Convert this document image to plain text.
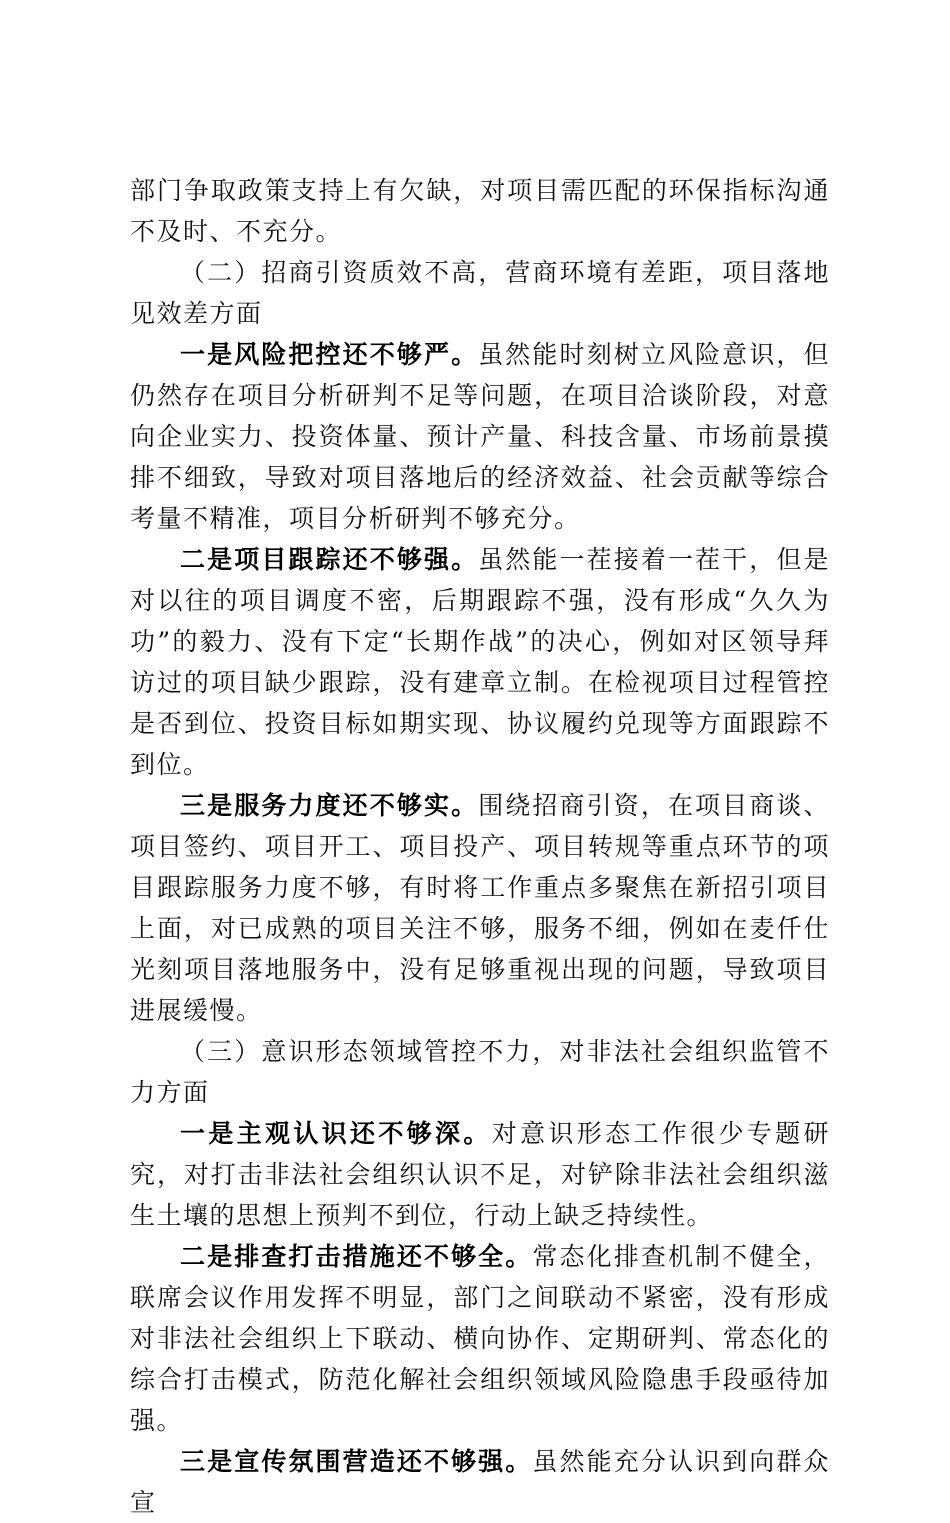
部门争取政策支持上有欠缺，对项目需匹配的环保指标沟通不及时、不充分。

（二）招商引资质效不高，营商环境有差距，项目落地见效差方面

一是风险把控还不够严。虽然能时刻树立风险意识，但仍然存在项目分析研判不足等问题，在项目洽谈阶段，对意向企业实力、投资体量、预计产量、科技含量、市场前景摸排不细致，导致对项目落地后的经济效益、社会贡献等综合考量不精准，项目分析研判不够充分。

二是项目跟踪还不够强。虽然能一茬接着一茬干，但是对以往的项目调度不密，后期跟踪不强，没有形成“久久为功”的毅力、没有下定“长期作战”的决心，例如对区领导拜访过的项目缺少跟踪，没有建章立制。在检视项目过程管控是否到位、投资目标如期实现、协议履约兑现等方面跟踪不到位。

三是服务力度还不够实。围绕招商引资，在项目商谈、项目签约、项目开工、项目投产、项目转规等重点环节的项目跟踪服务力度不够，有时将工作重点多聚焦在新招引项目上面，对已成熟的项目关注不够，服务不细，例如在麦仟仕光刻项目落地服务中，没有足够重视出现的问题，导致项目进展缓慢。

（三）意识形态领域管控不力，对非法社会组织监管不力方面

一是主观认识还不够深。对意识形态工作很少专题研究，对打击非法社会组织认识不足，对铲除非法社会组织滋生土壤的思想上预判不到位，行动上缺乏持续性。

二是排查打击措施还不够全。常态化排查机制不健全，联席会议作用发挥不明显，部门之间联动不紧密，没有形成对非法社会组织上下联动、横向协作、定期研判、常态化的综合打击模式，防范化解社会组织领域风险隐患手段亟待加强。

三是宣传氛围营造还不够强。虽然能充分认识到向群众宣
